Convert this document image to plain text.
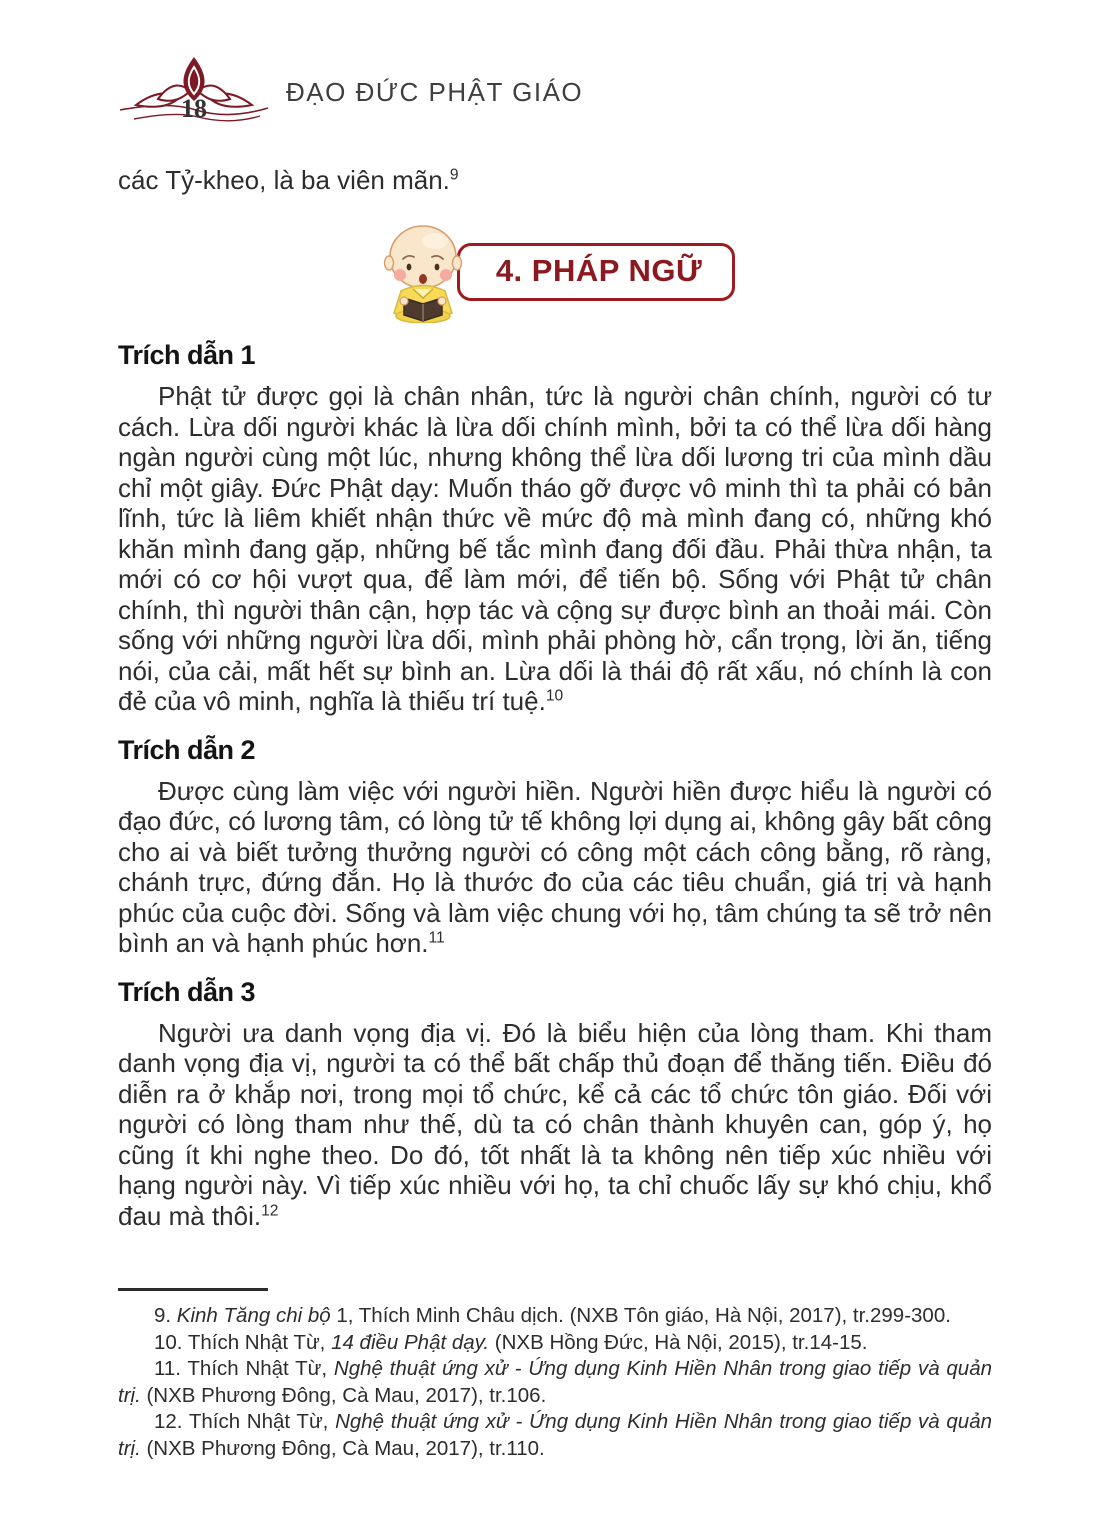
18
ĐẠO ĐỨC PHẬT GIÁO

các Tỷ-kheo, là ba viên mãn.$^9$

4. PHÁP NGỮ
Trích dẫn 1

Phật tử được gọi là chân nhân, tức là người chân chính, người có tư cách. Lừa dối người khác là lừa dối chính mình, bởi ta có thể lừa dối hàng ngàn người cùng một lúc, nhưng không thể lừa dối lương tri của mình dầu chỉ một giây. Đức Phật dạy: Muốn tháo gỡ được vô minh thì ta phải có bản lĩnh, tức là liêm khiết nhận thức về mức độ mà mình đang có, những khó khăn mình đang gặp, những bế tắc mình đang đối đầu. Phải thừa nhận, ta mới có cơ hội vượt qua, để làm mới, để tiến bộ. Sống với Phật tử chân chính, thì người thân cận, hợp tác và cộng sự được bình an thoải mái. Còn sống với những người lừa dối, mình phải phòng hờ, cẩn trọng, lời ăn, tiếng nói, của cải, mất hết sự bình an. Lừa dối là thái độ rất xấu, nó chính là con đẻ của vô minh, nghĩa là thiếu trí tuệ.$^{10}$

Trích dẫn 2

Được cùng làm việc với người hiền. Người hiền được hiểu là người có đạo đức, có lương tâm, có lòng tử tế không lợi dụng ai, không gây bất công cho ai và biết tưởng thưởng người có công một cách công bằng, rõ ràng, chánh trực, đứng đắn. Họ là thước đo của các tiêu chuẩn, giá trị và hạnh phúc của cuộc đời. Sống và làm việc chung với họ, tâm chúng ta sẽ trở nên bình an và hạnh phúc hơn.$^{11}$

Trích dẫn 3

Người ưa danh vọng địa vị. Đó là biểu hiện của lòng tham. Khi tham danh vọng địa vị, người ta có thể bất chấp thủ đoạn để thăng tiến. Điều đó diễn ra ở khắp nơi, trong mọi tổ chức, kể cả các tổ chức tôn giáo. Đối với người có lòng tham như thế, dù ta có chân thành khuyên can, góp ý, họ cũng ít khi nghe theo. Do đó, tốt nhất là ta không nên tiếp xúc nhiều với hạng người này. Vì tiếp xúc nhiều với họ, ta chỉ chuốc lấy sự khó chịu, khổ đau mà thôi.$^{12}$

9. Kinh Tăng chi bộ 1, Thích Minh Châu dịch. (NXB Tôn giáo, Hà Nội, 2017), tr.299-300.

10. Thích Nhật Từ, 14 điều Phật dạy. (NXB Hồng Đức, Hà Nội, 2015), tr.14-15.

11. Thích Nhật Từ, Nghệ thuật ứng xử - Ứng dụng Kinh Hiền Nhân trong giao tiếp và quản trị. (NXB Phương Đông, Cà Mau, 2017), tr.106.

12. Thích Nhật Từ, Nghệ thuật ứng xử - Ứng dụng Kinh Hiền Nhân trong giao tiếp và quản trị. (NXB Phương Đông, Cà Mau, 2017), tr.110.
